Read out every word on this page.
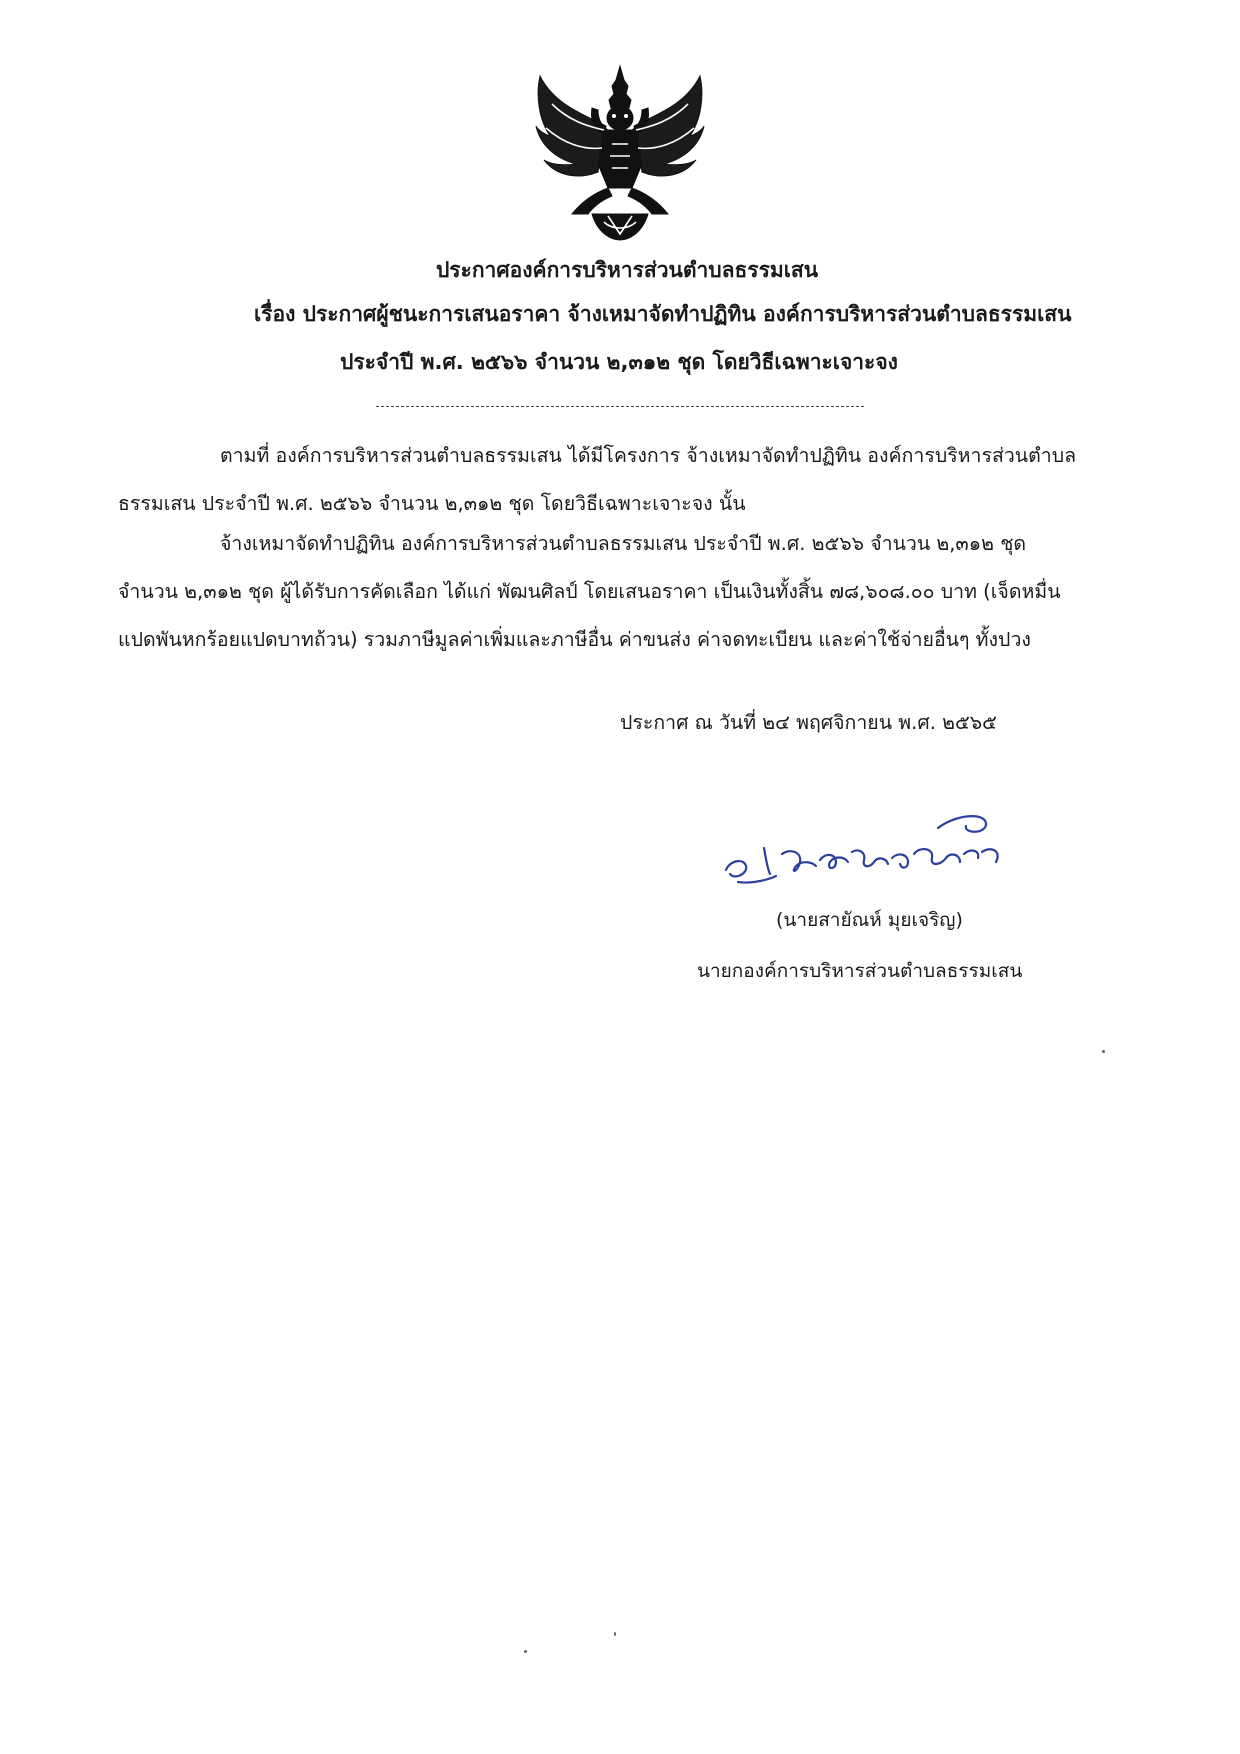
ประกาศองค์การบริหารส่วนตำบลธรรมเสน
เรื่อง ประกาศผู้ชนะการเสนอราคา จ้างเหมาจัดทำปฏิทิน องค์การบริหารส่วนตำบลธรรมเสน
ประจำปี พ.ศ. ๒๕๖๖ จำนวน ๒,๓๑๒ ชุด โดยวิธีเฉพาะเจาะจง
ตามที่ องค์การบริหารส่วนตำบลธรรมเสน ได้มีโครงการ จ้างเหมาจัดทำปฏิทิน องค์การบริหารส่วนตำบล
ธรรมเสน ประจำปี พ.ศ. ๒๕๖๖ จำนวน ๒,๓๑๒ ชุด โดยวิธีเฉพาะเจาะจง นั้น
จ้างเหมาจัดทำปฏิทิน องค์การบริหารส่วนตำบลธรรมเสน ประจำปี พ.ศ. ๒๕๖๖ จำนวน ๒,๓๑๒ ชุด
จำนวน ๒,๓๑๒ ชุด ผู้ได้รับการคัดเลือก ได้แก่ พัฒนศิลป์ โดยเสนอราคา เป็นเงินทั้งสิ้น ๗๘,๖๐๘.๐๐ บาท (เจ็ดหมื่น
แปดพันหกร้อยแปดบาทถ้วน) รวมภาษีมูลค่าเพิ่มและภาษีอื่น ค่าขนส่ง ค่าจดทะเบียน และค่าใช้จ่ายอื่นๆ ทั้งปวง
ประกาศ ณ วันที่ ๒๔ พฤศจิกายน พ.ศ. ๒๕๖๕
(นายสายัณห์ มุยเจริญ)
นายกองค์การบริหารส่วนตำบลธรรมเสน
